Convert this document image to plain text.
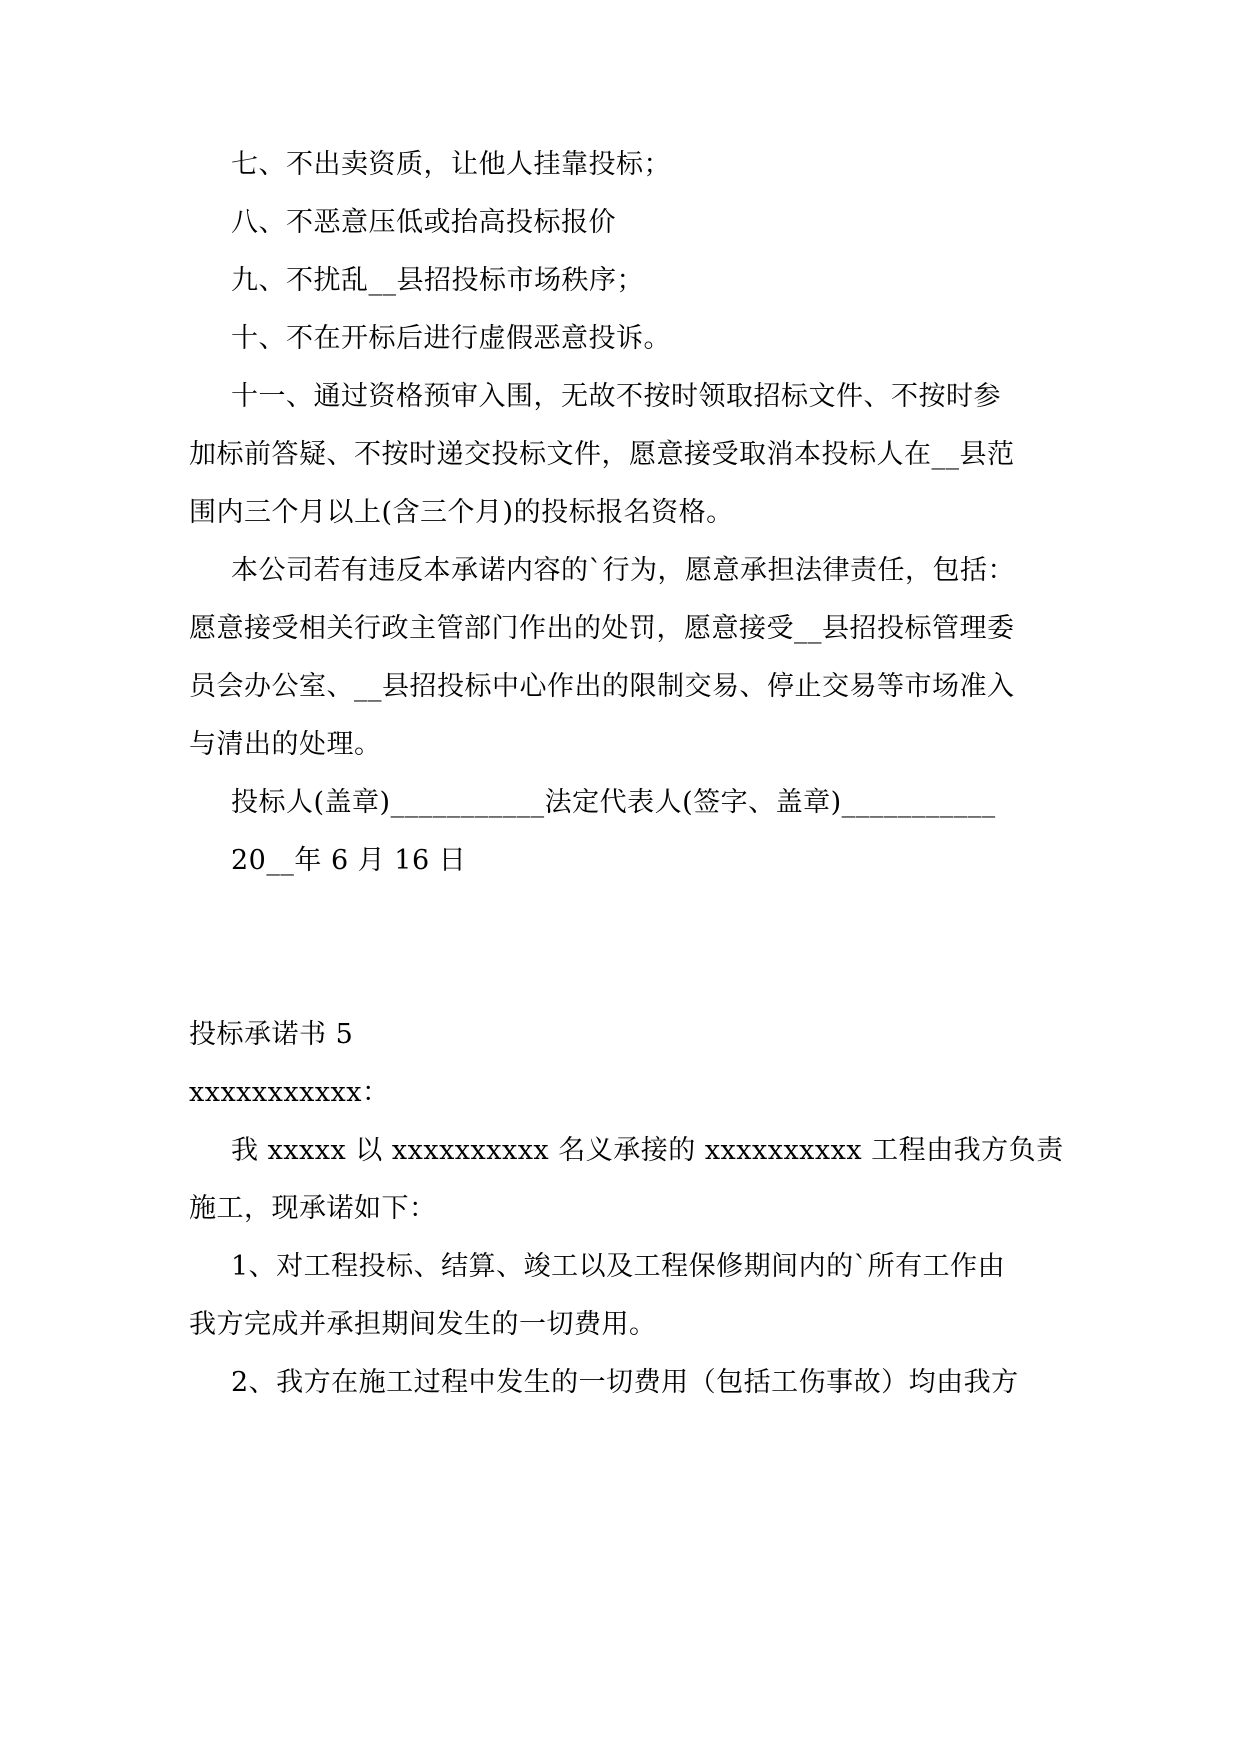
七、不出卖资质，让他人挂靠投标；
八、不恶意压低或抬高投标报价
九、不扰乱__县招投标市场秩序；
十、不在开标后进行虚假恶意投诉。
十一、通过资格预审入围，无故不按时领取招标文件、不按时参
加标前答疑、不按时递交投标文件，愿意接受取消本投标人在__县范
围内三个月以上(含三个月)的投标报名资格。
本公司若有违反本承诺内容的`行为，愿意承担法律责任，包括：
愿意接受相关行政主管部门作出的处罚，愿意接受__县招投标管理委
员会办公室、__县招投标中心作出的限制交易、停止交易等市场准入
与清出的处理。
投标人(盖章)___________法定代表人(签字、盖章)___________
20__年 6 月 16 日
投标承诺书 5
xxxxxxxxxxx：
我 xxxxx 以 xxxxxxxxxx 名义承接的 xxxxxxxxxx 工程由我方负责
施工，现承诺如下：
1、对工程投标、结算、竣工以及工程保修期间内的`所有工作由
我方完成并承担期间发生的一切费用。
2、我方在施工过程中发生的一切费用（包括工伤事故）均由我方
